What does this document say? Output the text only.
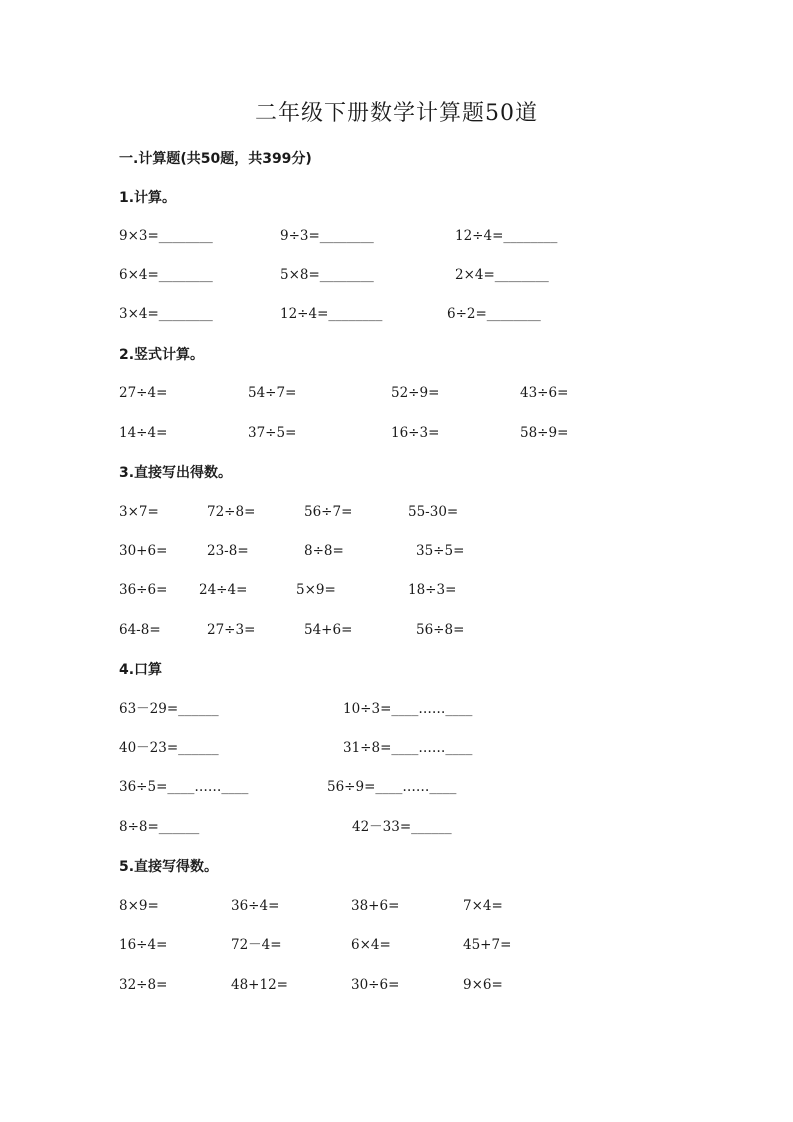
二年级下册数学计算题50道
一.计算题(共50题，共399分)
1.计算。
9×3=________	9÷3=________	12÷4=________
6×4=________	5×8=________	2×4=________
3×4=________	12÷4=________	6÷2=________
2.竖式计算。
27÷4=	54÷7=	52÷9=	43÷6=
14÷4=	37÷5=	16÷3=	58÷9=
3.直接写出得数。
3×7=	72÷8=	56÷7=	55-30=
30+6=	23-8=	8÷8=	35÷5=
36÷6= 24÷4=	5×9=	18÷3=
64-8=	27÷3=	54+6=	56÷8=
4.口算
63－29=______	10÷3=____……____
40－23=______	31÷8=____……____
36÷5=____……____	56÷9=____……____
8÷8=______	42－33=______
5.直接写得数。
8×9=	36÷4=	38+6=	7×4=
16÷4=	72－4=	6×4=	45+7=
32÷8=	48+12=	30÷6=	9×6=
